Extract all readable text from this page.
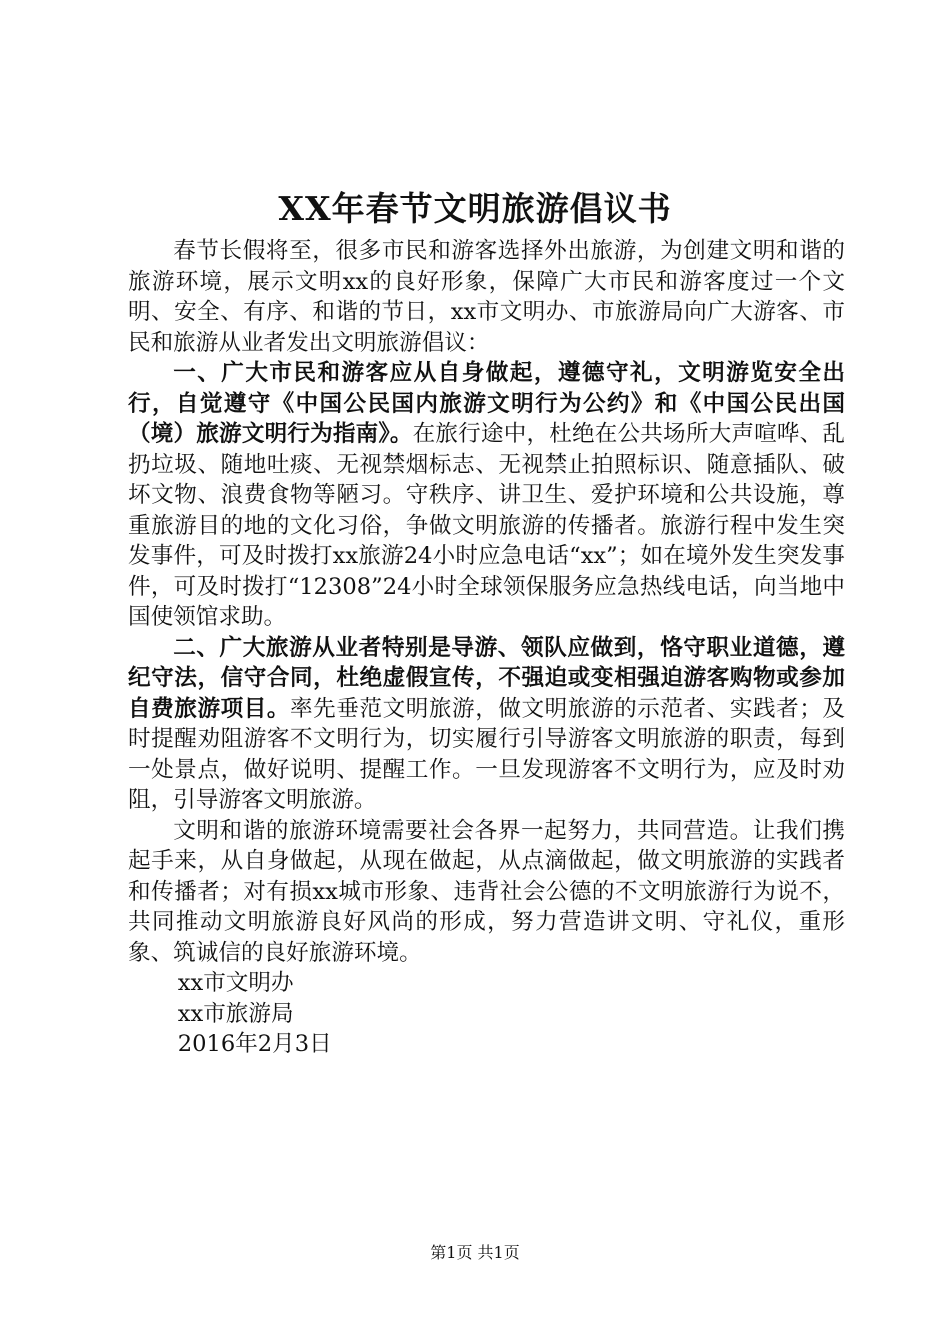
XX年春节文明旅游倡议书

春节长假将至，很多市民和游客选择外出旅游，为创建文明和谐的旅游环境，展示文明xx的良好形象，保障广大市民和游客度过一个文明、安全、有序、和谐的节日，xx市文明办、市旅游局向广大游客、市民和旅游从业者发出文明旅游倡议：

一、广大市民和游客应从自身做起，遵德守礼，文明游览安全出行，自觉遵守《中国公民国内旅游文明行为公约》和《中国公民出国（境）旅游文明行为指南》。在旅行途中，杜绝在公共场所大声喧哗、乱扔垃圾、随地吐痰、无视禁烟标志、无视禁止拍照标识、随意插队、破坏文物、浪费食物等陋习。守秩序、讲卫生、爱护环境和公共设施，尊重旅游目的地的文化习俗，争做文明旅游的传播者。旅游行程中发生突发事件，可及时拨打xx旅游24小时应急电话“xx”；如在境外发生突发事件，可及时拨打“12308”24小时全球领保服务应急热线电话，向当地中国使领馆求助。

二、广大旅游从业者特别是导游、领队应做到，恪守职业道德，遵纪守法，信守合同，杜绝虚假宣传，不强迫或变相强迫游客购物或参加自费旅游项目。率先垂范文明旅游，做文明旅游的示范者、实践者；及时提醒劝阻游客不文明行为，切实履行引导游客文明旅游的职责，每到一处景点，做好说明、提醒工作。一旦发现游客不文明行为，应及时劝阻，引导游客文明旅游。

文明和谐的旅游环境需要社会各界一起努力，共同营造。让我们携起手来，从自身做起，从现在做起，从点滴做起，做文明旅游的实践者和传播者；对有损xx城市形象、违背社会公德的不文明旅游行为说不，共同推动文明旅游良好风尚的形成，努力营造讲文明、守礼仪，重形象、筑诚信的良好旅游环境。

xx市文明办

xx市旅游局

2016年2月3日

第1页 共1页
